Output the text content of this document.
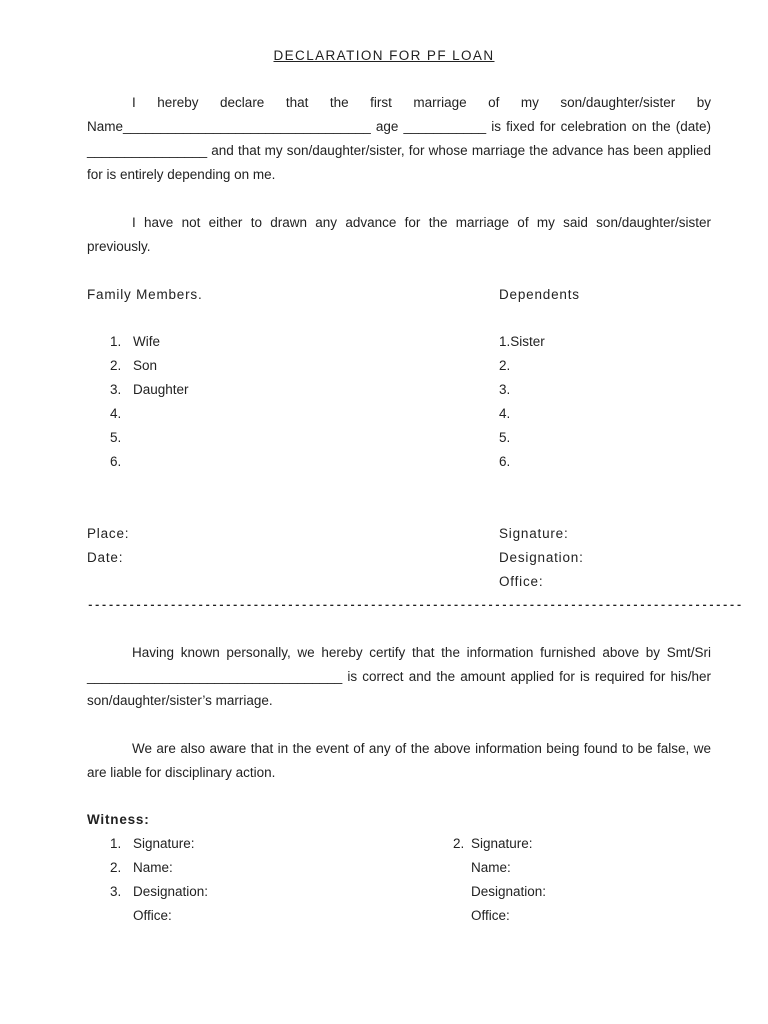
DECLARATION FOR PF LOAN
I hereby declare that the first marriage of my son/daughter/sister by Name_________________________________ age ___________ is fixed for celebration on the (date) ________________ and that my son/daughter/sister, for whose marriage the advance has been applied for is entirely depending on me.
I have not either to drawn any advance for the marriage of my said son/daughter/sister previously.
Family Members.	Dependents
1. Wife
2. Son
3. Daughter
4.
5.
6.
1.Sister
2.
3.
4.
5.
6.
Place:
Date:
Signature:
Designation:
Office:
-----------------------------------------------------------------------------------------------
Having known personally, we hereby certify that the information furnished above by Smt/Sri __________________________________ is correct and the amount applied for is required for his/her son/daughter/sister’s marriage.
We are also aware that in the event of any of the above information being found to be false, we are liable for disciplinary action.
Witness:
1. Signature:
2. Name:
3. Designation:
Office:
2. Signature:
Name:
Designation:
Office:
